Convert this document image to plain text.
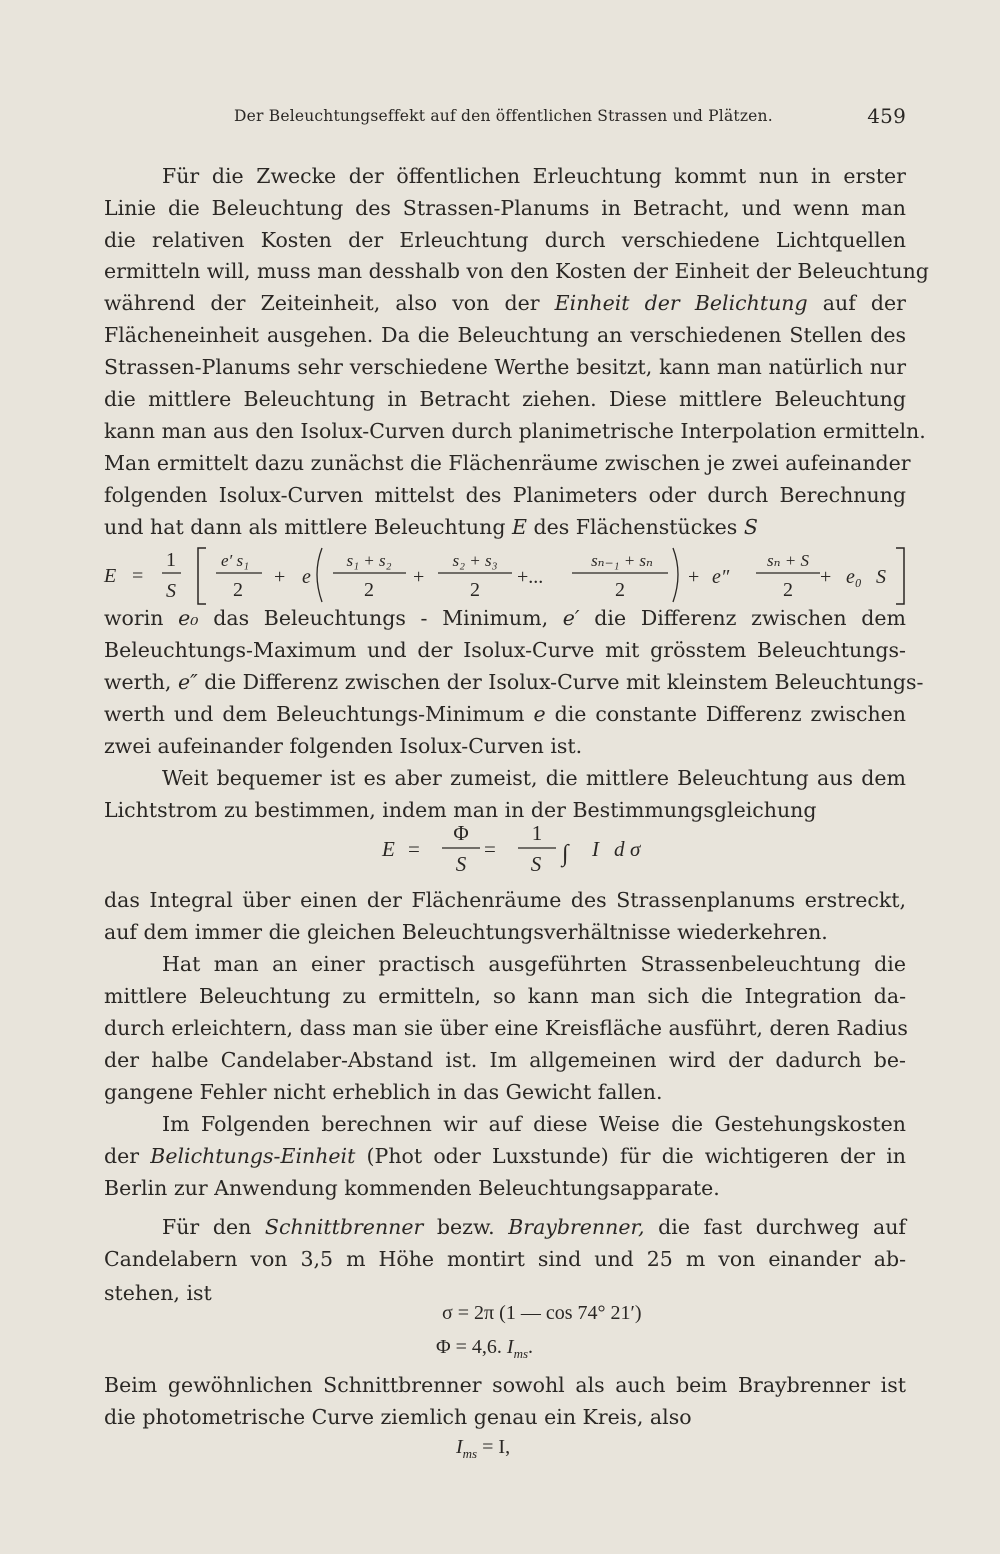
Der Beleuchtungseffekt auf den öffentlichen Strassen und Plätzen.	459
Für die Zwecke der öffentlichen Erleuchtung kommt nun in erster
Linie die Beleuchtung des Strassen-Planums in Betracht, und wenn man
die relativen Kosten der Erleuchtung durch verschiedene Lichtquellen
ermitteln will, muss man desshalb von den Kosten der Einheit der Beleuchtung
während der Zeiteinheit, also von der Einheit der Belichtung auf der
Flächeneinheit ausgehen. Da die Beleuchtung an verschiedenen Stellen des
Strassen-Planums sehr verschiedene Werthe besitzt, kann man natürlich nur
die mittlere Beleuchtung in Betracht ziehen. Diese mittlere Beleuchtung
kann man aus den Isolux-Curven durch planimetrische Interpolation ermitteln.
Man ermittelt dazu zunächst die Flächenräume zwischen je zwei aufeinander
folgenden Isolux-Curven mittelst des Planimeters oder durch Berechnung
und hat dann als mittlere Beleuchtung E des Flächenstückes S
E =
1
S
e′ s₁
2
+ e
s₁ + s₂
2
+
s₂ + s₃
2
+...
sₙ₋₁ + sₙ
2
+ e″
sₙ + S
2
+ e₀ S
worin e₀ das Beleuchtungs - Minimum, e′ die Differenz zwischen dem
Beleuchtungs-Maximum und der Isolux-Curve mit grösstem Beleuchtungs-
werth, e″ die Differenz zwischen der Isolux-Curve mit kleinstem Beleuchtungs-
werth und dem Beleuchtungs-Minimum e die constante Differenz zwischen
zwei aufeinander folgenden Isolux-Curven ist.
Weit bequemer ist es aber zumeist, die mittlere Beleuchtung aus dem
Lichtstrom zu bestimmen, indem man in der Bestimmungsgleichung
E =
Φ
S
=
1
S ∫ I d σ
das Integral über einen der Flächenräume des Strassenplanums erstreckt,
auf dem immer die gleichen Beleuchtungsverhältnisse wiederkehren.
Hat man an einer practisch ausgeführten Strassenbeleuchtung die
mittlere Beleuchtung zu ermitteln, so kann man sich die Integration da-
durch erleichtern, dass man sie über eine Kreisfläche ausführt, deren Radius
der halbe Candelaber-Abstand ist. Im allgemeinen wird der dadurch be-
gangene Fehler nicht erheblich in das Gewicht fallen.
Im Folgenden berechnen wir auf diese Weise die Gestehungskosten
der Belichtungs-Einheit (Phot oder Luxstunde) für die wichtigeren der in
Berlin zur Anwendung kommenden Beleuchtungsapparate.
Für den Schnittbrenner bezw. Braybrenner, die fast durchweg auf
Candelabern von 3,5 m Höhe montirt sind und 25 m von einander ab-
stehen, ist
σ = 2π (1 — cos 74° 21′)
Φ = 4,6. $I_{ms}$.
Beim gewöhnlichen Schnittbrenner sowohl als auch beim Braybrenner ist
die photometrische Curve ziemlich genau ein Kreis, also
$I_{ms} = I$,
